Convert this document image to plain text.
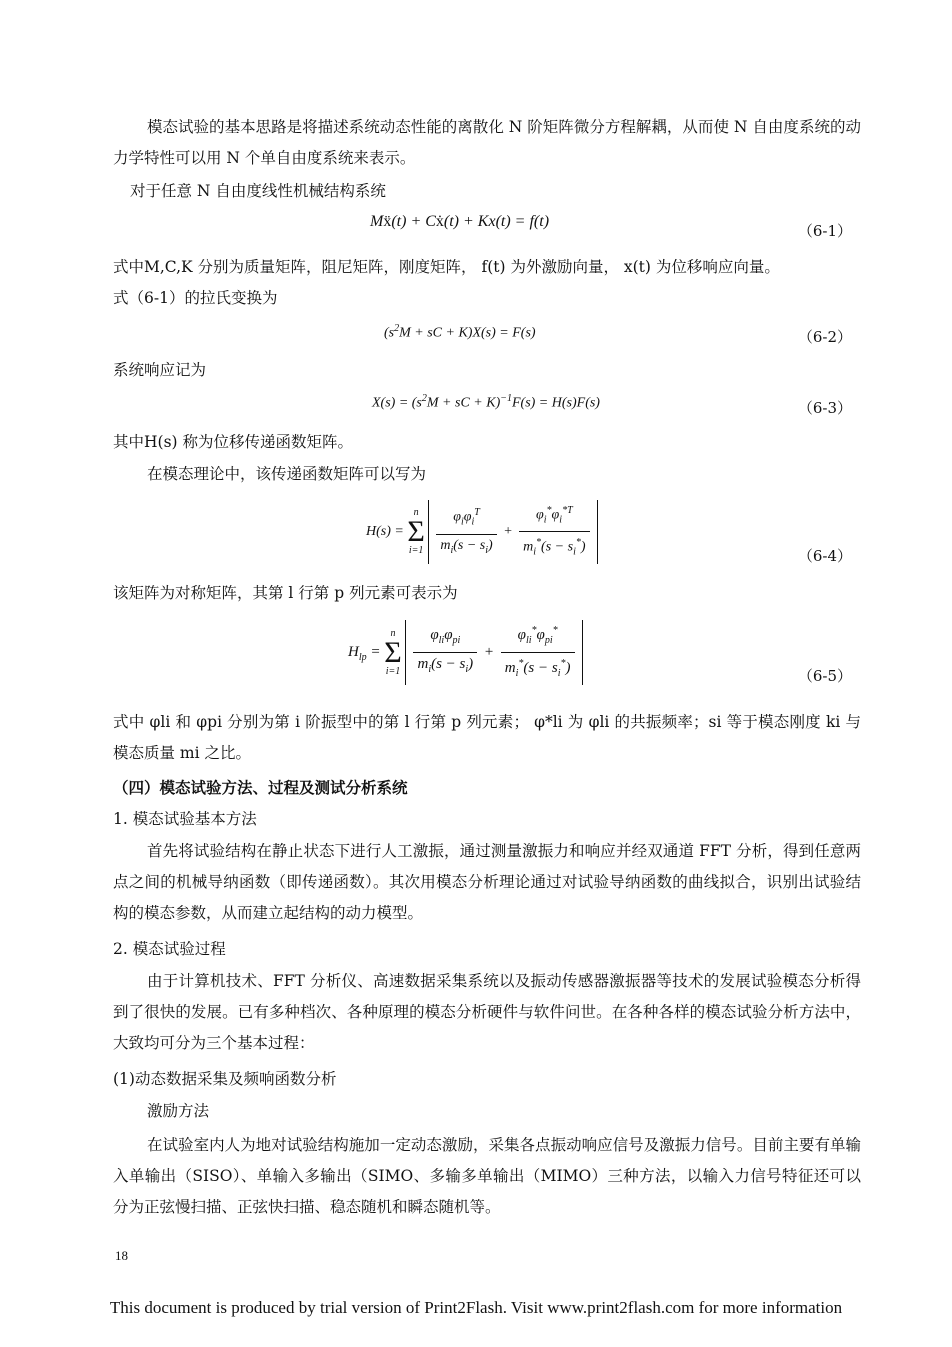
模态试验的基本思路是将描述系统动态性能的离散化 N 阶矩阵微分方程解耦，从而使 N 自由度系统的动力学特性可以用 N 个单自由度系统来表示。

对于任意 N 自由度线性机械结构系统
Mẍ(t) + Cẋ(t) + Kx(t) = f(t)
（6-1）
式中M,C,K 分别为质量矩阵，阻尼矩阵，刚度矩阵， f(t) 为外激励向量， x(t) 为位移响应向量。
式（6-1）的拉氏变换为
($s^2M$ + sC + K)X(s) = F(s)	（6-2）
系统响应记为
$X(s) = (s^2M$ + sC + K)$^{-1}$F(s) = H(s)F(s)	（6-3）
其中H(s) 称为位移传递函数矩阵。
在模态理论中，该传递函数矩阵可以写为
H(s) =
n
Σ
i=1
$\frac{\varphi_i\varphi_i^T}{m_i(s - s_i)} + \frac{\varphi_i^*\varphi_i^{*T}}{m_i^*(s - s_i^*)}$	（6-4）
该矩阵为对称矩阵，其第 l 行第 p 列元素可表示为
$H_{lp}$ =
n
Σ
i=1
$\frac{\varphi_{li}\varphi_{pi}}{m_i(s - s_i)} + \frac{\varphi_{li}^*\varphi_{pi}^*}{m_i^*(s - s_i^*)}$	（6-5）

式中 φli 和 φpi 分别为第 i 阶振型中的第 l 行第 p 列元素； φ*li 为 φli 的共振频率；si 等于模态刚度 ki 与模态质量 mi 之比。

（四）模态试验方法、过程及测试分析系统
1. 模态试验基本方法

首先将试验结构在静止状态下进行人工激振，通过测量激振力和响应并经双通道 FFT 分析，得到任意两点之间的机械导纳函数（即传递函数）。其次用模态分析理论通过对试验导纳函数的曲线拟合，识别出试验结构的模态参数，从而建立起结构的动力模型。

2. 模态试验过程

由于计算机技术、FFT 分析仪、高速数据采集系统以及振动传感器激振器等技术的发展试验模态分析得到了很快的发展。已有多种档次、各种原理的模态分析硬件与软件问世。在各种各样的模态试验分析方法中，大致均可分为三个基本过程：

(1)动态数据采集及频响函数分析
激励方法

在试验室内人为地对试验结构施加一定动态激励，采集各点振动响应信号及激振力信号。目前主要有单输入单输出（SISO）、单输入多输出（SIMO、多输多单输出（MIMO）三种方法，以输入力信号特征还可以分为正弦慢扫描、正弦快扫描、稳态随机和瞬态随机等。

18
This document is produced by trial version of Print2Flash. Visit www.print2flash.com for more information
